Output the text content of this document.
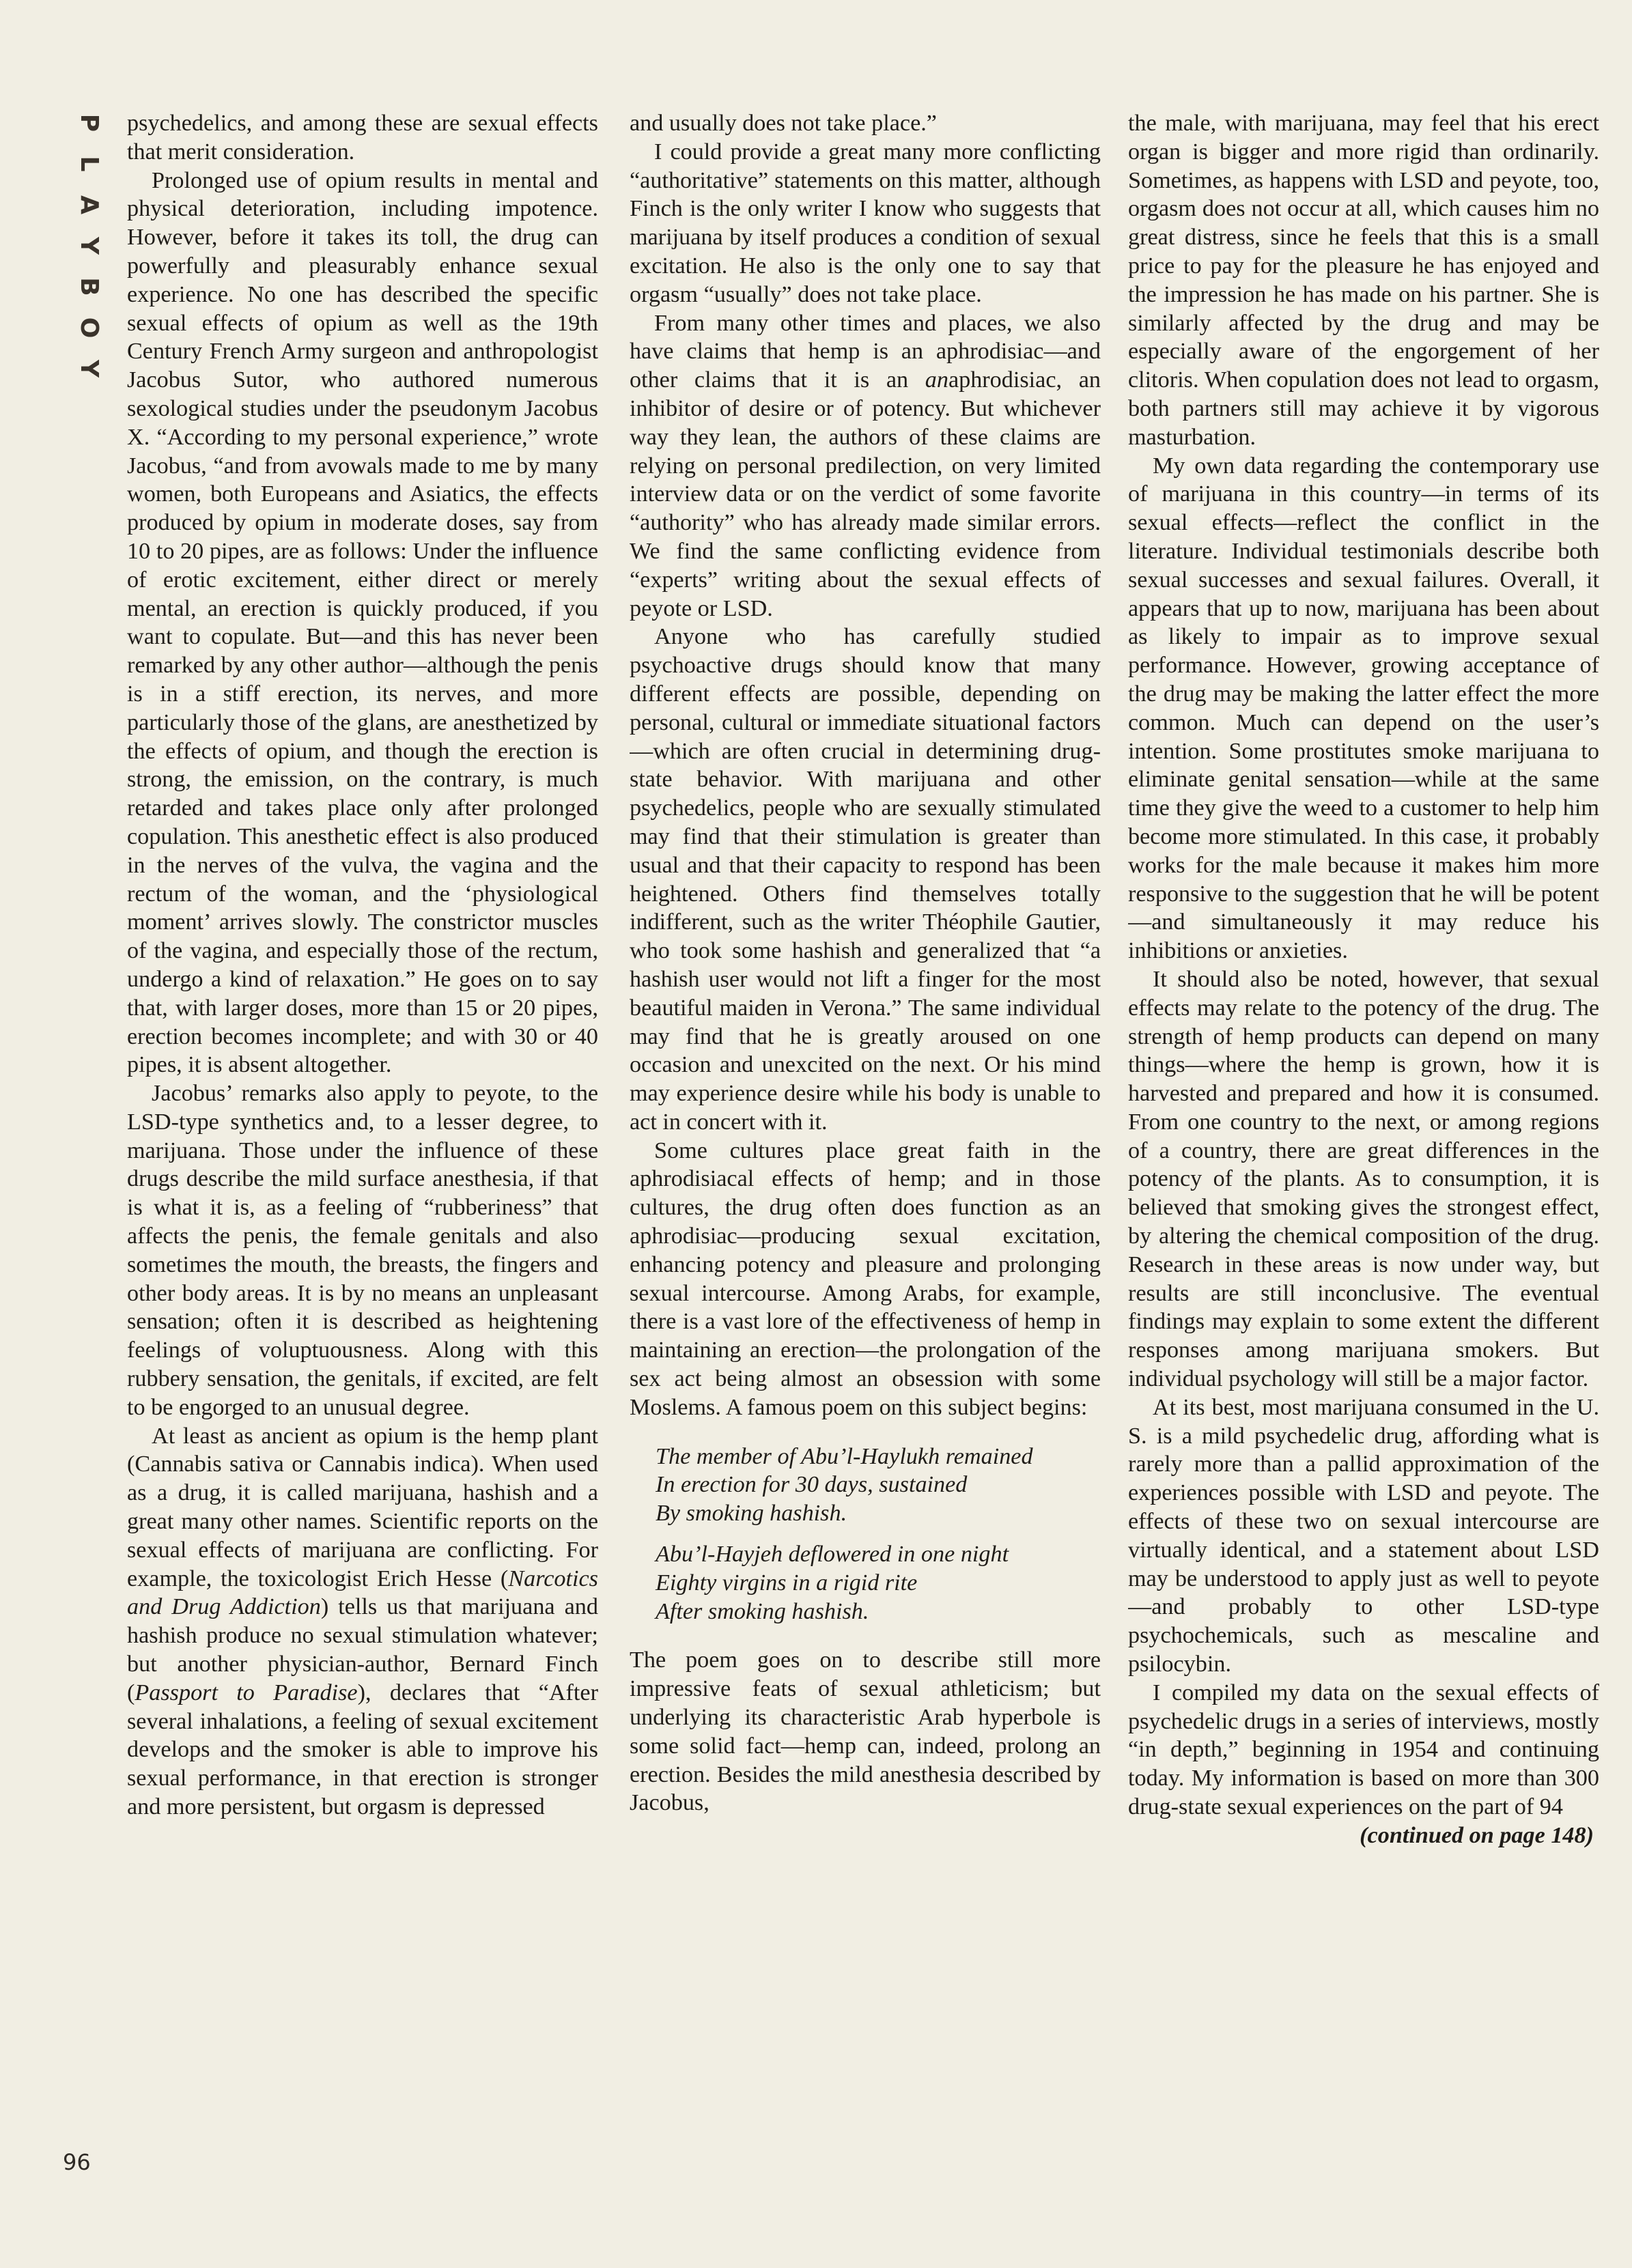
P
L
A
Y
B
O
Y
96

psychedelics, and among these are sexual effects that merit consideration.

Prolonged use of opium results in mental and physical deterioration, including impotence. However, before it takes its toll, the drug can powerfully and pleasurably enhance sexual experience. No one has described the specific sexual effects of opium as well as the 19th Century French Army surgeon and anthropologist Jacobus Sutor, who authored numerous sexological studies under the pseudonym Jacobus X. “According to my personal experience,” wrote Jacobus, “and from avowals made to me by many women, both Europeans and Asiatics, the effects produced by opium in moderate doses, say from 10 to 20 pipes, are as follows: Under the influence of erotic excitement, either direct or merely mental, an erection is quickly produced, if you want to copulate. But—and this has never been remarked by any other author—although the penis is in a stiff erection, its nerves, and more particularly those of the glans, are anesthetized by the effects of opium, and though the erection is strong, the emission, on the contrary, is much retarded and takes place only after prolonged copulation. This anesthetic effect is also produced in the nerves of the vulva, the vagina and the rectum of the woman, and the ‘physiological moment’ arrives slowly. The constrictor muscles of the vagina, and especially those of the rectum, undergo a kind of relaxation.” He goes on to say that, with larger doses, more than 15 or 20 pipes, erection becomes incomplete; and with 30 or 40 pipes, it is absent altogether.

Jacobus’ remarks also apply to peyote, to the LSD-type synthetics and, to a lesser degree, to marijuana. Those under the influence of these drugs describe the mild surface anesthesia, if that is what it is, as a feeling of “rubberiness” that affects the penis, the female genitals and also sometimes the mouth, the breasts, the fingers and other body areas. It is by no means an unpleasant sensation; often it is described as heightening feelings of voluptuousness. Along with this rubbery sensation, the genitals, if excited, are felt to be engorged to an unusual degree.

At least as ancient as opium is the hemp plant (Cannabis sativa or Cannabis indica). When used as a drug, it is called marijuana, hashish and a great many other names. Scientific reports on the sexual effects of marijuana are conflicting. For example, the toxicologist Erich Hesse (Narcotics and Drug Addiction) tells us that marijuana and hashish produce no sexual stimulation whatever; but another physician-author, Bernard Finch (Passport to Paradise), declares that “After several inhalations, a feeling of sexual excitement develops and the smoker is able to improve his sexual performance, in that erection is stronger and more persistent, but orgasm is depressed

and usually does not take place.”

I could provide a great many more conflicting “authoritative” statements on this matter, although Finch is the only writer I know who suggests that marijuana by itself produces a condition of sexual excitation. He also is the only one to say that orgasm “usually” does not take place.

From many other times and places, we also have claims that hemp is an aphrodisiac—and other claims that it is an anaphrodisiac, an inhibitor of desire or of potency. But whichever way they lean, the authors of these claims are relying on personal predilection, on very limited interview data or on the verdict of some favorite “authority” who has already made similar errors. We find the same conflicting evidence from “experts” writing about the sexual effects of peyote or LSD.

Anyone who has carefully studied psychoactive drugs should know that many different effects are possible, depending on personal, cultural or immediate situational factors—which are often crucial in determining drug-state behavior. With marijuana and other psychedelics, people who are sexually stimulated may find that their stimulation is greater than usual and that their capacity to respond has been heightened. Others find themselves totally indifferent, such as the writer Théophile Gautier, who took some hashish and generalized that “a hashish user would not lift a finger for the most beautiful maiden in Verona.” The same individual may find that he is greatly aroused on one occasion and unexcited on the next. Or his mind may experience desire while his body is unable to act in concert with it.

Some cultures place great faith in the aphrodisiacal effects of hemp; and in those cultures, the drug often does function as an aphrodisiac—producing sexual excitation, enhancing potency and pleasure and prolonging sexual intercourse. Among Arabs, for example, there is a vast lore of the effectiveness of hemp in maintaining an erection—the prolongation of the sex act being almost an obsession with some Moslems. A famous poem on this subject begins:

The member of Abu’l-Haylukh remained
In erection for 30 days, sustained
By smoking hashish.
Abu’l-Hayjeh deflowered in one night
Eighty virgins in a rigid rite
After smoking hashish.

The poem goes on to describe still more impressive feats of sexual athleticism; but underlying its characteristic Arab hyperbole is some solid fact—hemp can, indeed, prolong an erection. Besides the mild anesthesia described by Jacobus,

the male, with marijuana, may feel that his erect organ is bigger and more rigid than ordinarily. Sometimes, as happens with LSD and peyote, too, orgasm does not occur at all, which causes him no great distress, since he feels that this is a small price to pay for the pleasure he has enjoyed and the impression he has made on his partner. She is similarly affected by the drug and may be especially aware of the engorgement of her clitoris. When copulation does not lead to orgasm, both partners still may achieve it by vigorous masturbation.

My own data regarding the contemporary use of marijuana in this country—in terms of its sexual effects—reflect the conflict in the literature. Individual testimonials describe both sexual successes and sexual failures. Overall, it appears that up to now, marijuana has been about as likely to impair as to improve sexual performance. However, growing acceptance of the drug may be making the latter effect the more common. Much can depend on the user’s intention. Some prostitutes smoke marijuana to eliminate genital sensation—while at the same time they give the weed to a customer to help him become more stimulated. In this case, it probably works for the male because it makes him more responsive to the suggestion that he will be potent—and simultaneously it may reduce his inhibitions or anxieties.

It should also be noted, however, that sexual effects may relate to the potency of the drug. The strength of hemp products can depend on many things—where the hemp is grown, how it is harvested and prepared and how it is consumed. From one country to the next, or among regions of a country, there are great differences in the potency of the plants. As to consumption, it is believed that smoking gives the strongest effect, by altering the chemical composition of the drug. Research in these areas is now under way, but results are still inconclusive. The eventual findings may explain to some extent the different responses among marijuana smokers. But individual psychology will still be a major factor.

At its best, most marijuana consumed in the U. S. is a mild psychedelic drug, affording what is rarely more than a pallid approximation of the experiences possible with LSD and peyote. The effects of these two on sexual intercourse are virtually identical, and a statement about LSD may be understood to apply just as well to peyote—and probably to other LSD-type psychochemicals, such as mescaline and psilocybin.

I compiled my data on the sexual effects of psychedelic drugs in a series of interviews, mostly “in depth,” beginning in 1954 and continuing today. My information is based on more than 300 drug-state sexual experiences on the part of 94

(continued on page 148)
